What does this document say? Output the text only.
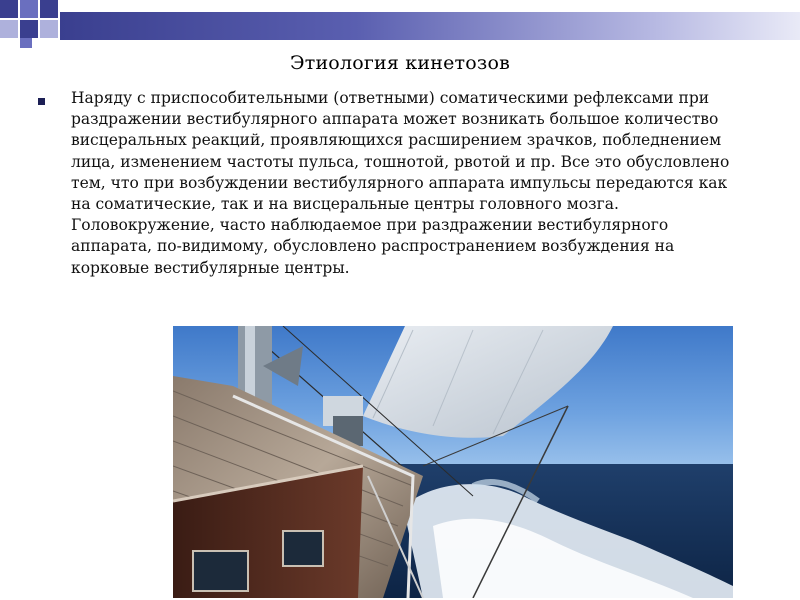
Этиология кинетозов
Наряду с приспособительными (ответными) соматическими рефлексами при раздражении вестибулярного аппарата может возникать большое количество висцеральных реакций, проявляющихся расширением зрачков, побледнением лица, изменением частоты пульса, тошнотой, рвотой и пр. Все это обусловлено тем, что при возбуждении вестибулярного аппарата импульсы передаются как на соматические, так и на висцеральные центры головного мозга. Головокружение, часто наблюдаемое при раздражении вестибулярного аппарата, по-видимому, обусловлено распространением возбуждения на корковые вестибулярные центры.
